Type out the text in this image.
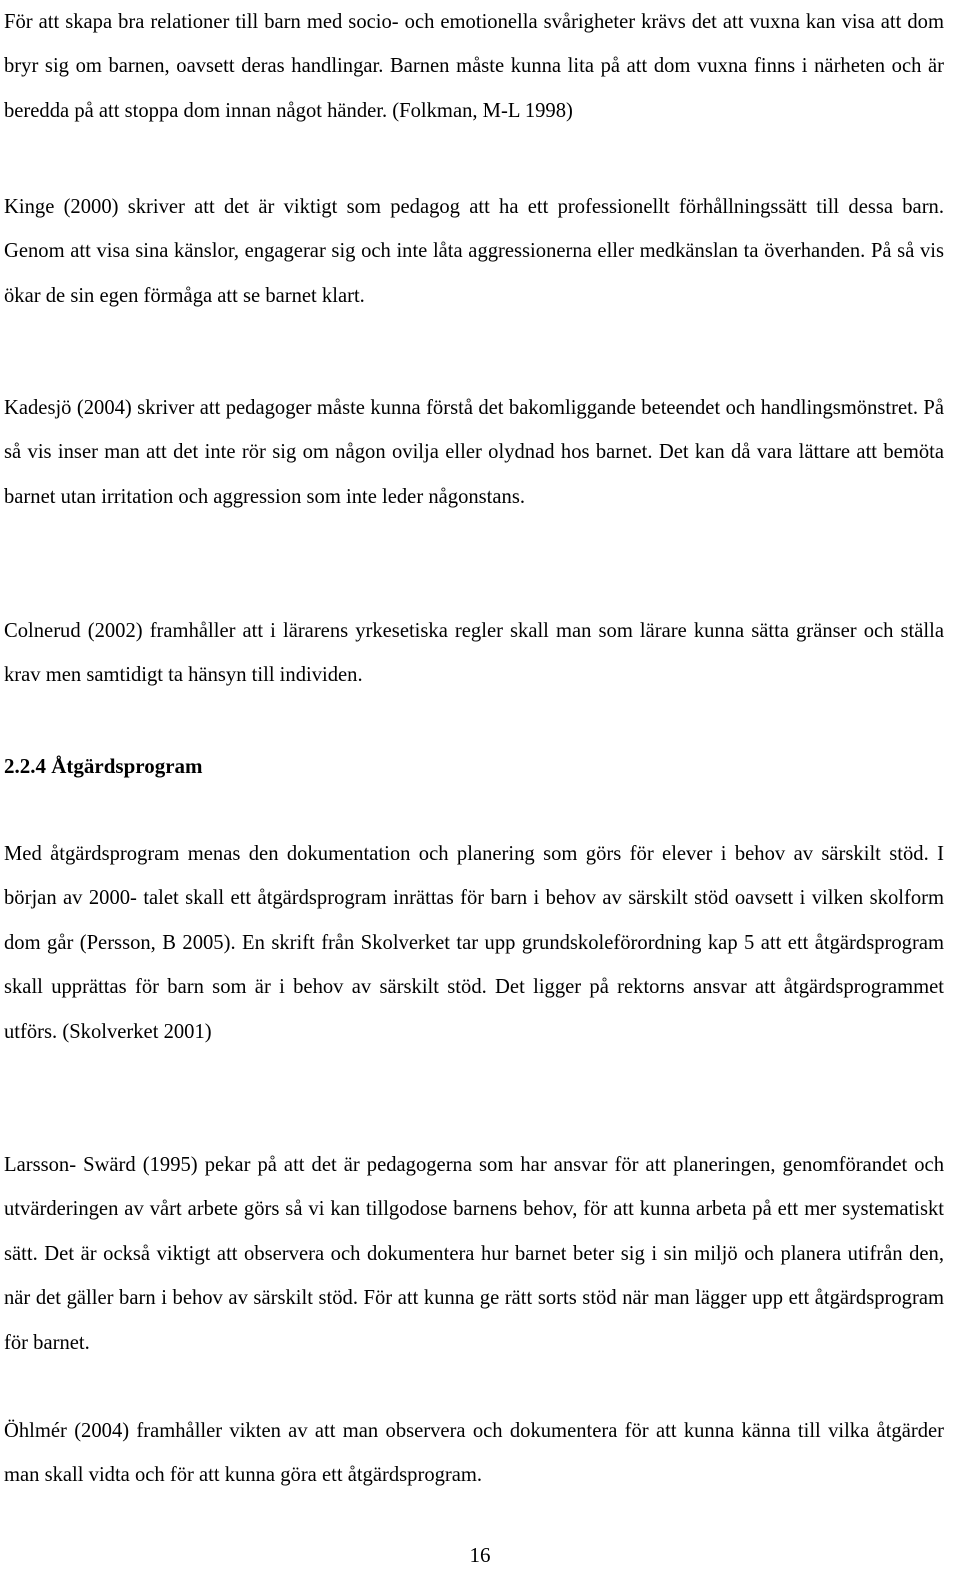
För att skapa bra relationer till barn med socio- och emotionella svårigheter krävs det att vuxna kan visa att dom bryr sig om barnen, oavsett deras handlingar. Barnen måste kunna lita på att dom vuxna finns i närheten och är beredda på att stoppa dom innan något händer. (Folkman, M-L 1998)

Kinge (2000) skriver att det är viktigt som pedagog att ha ett professionellt förhållningssätt till dessa barn. Genom att visa sina känslor, engagerar sig och inte låta aggressionerna eller medkänslan ta överhanden. På så vis ökar de sin egen förmåga att se barnet klart.

Kadesjö (2004) skriver att pedagoger måste kunna förstå det bakomliggande beteendet och handlingsmönstret. På så vis inser man att det inte rör sig om någon ovilja eller olydnad hos barnet. Det kan då vara lättare att bemöta barnet utan irritation och aggression som inte leder någonstans.

Colnerud (2002) framhåller att i lärarens yrkesetiska regler skall man som lärare kunna sätta gränser och ställa krav men samtidigt ta hänsyn till individen.

2.2.4 Åtgärdsprogram

Med åtgärdsprogram menas den dokumentation och planering som görs för elever i behov av särskilt stöd. I början av 2000- talet skall ett åtgärdsprogram inrättas för barn i behov av särskilt stöd oavsett i vilken skolform dom går (Persson, B 2005). En skrift från Skolverket tar upp grundskoleförordning kap 5 att ett åtgärdsprogram skall upprättas för barn som är i behov av särskilt stöd. Det ligger på rektorns ansvar att åtgärdsprogrammet utförs. (Skolverket 2001)

Larsson- Swärd (1995) pekar på att det är pedagogerna som har ansvar för att planeringen, genomförandet och utvärderingen av vårt arbete görs så vi kan tillgodose barnens behov, för att kunna arbeta på ett mer systematiskt sätt. Det är också viktigt att observera och dokumentera hur barnet beter sig i sin miljö och planera utifrån den, när det gäller barn i behov av särskilt stöd. För att kunna ge rätt sorts stöd när man lägger upp ett åtgärdsprogram för barnet.

Öhlmér (2004) framhåller vikten av att man observera och dokumentera för att kunna känna till vilka åtgärder man skall vidta och för att kunna göra ett åtgärdsprogram.

16
